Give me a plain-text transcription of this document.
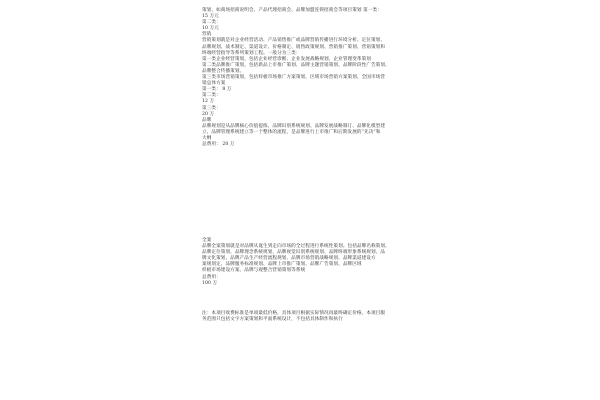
策划、如商场招商说明会、产品代理招商会、品牌加盟连锁招商会等项目策划 第一类：
15 万元
第二类：
10 万元
营销
营销策划就是对企业经营活动、产品销售推广或品牌营销传播进行环境分析、定位策划、
品牌规划、战术制定、渠道设计、价格制定、销售政策规划、营销推广策划、营销策划和
终端经营指导等系列策划工程。一般分为三类：
第一类企业经营策划，包括企业经营诊断、企业发展战略规划、企业管理变革策划
第二类品牌推广策划，包括新品上市推广策划、品牌主题营销策划、品牌阶段性广告策划、
品牌整合传播策划。
第三类市场营销策划，包括样板市场推广方案策划、区域市场营销方案策划、全国市场营
销总体方案
第一类： 8 万
第二类：
12 万
第三类：
20 万
品牌
品牌规划是从品牌核心价值提炼、品牌识别系统规划、品牌发展战略制订、品牌化模型建
立、品牌管理系统建立等一个整体的流程，是品牌进行上市推广和后期发展的“先决”和
大纲
总费用： 20 万
全案
品牌全案策划就是对品牌从诞生到走向市场的全过程进行系统性策划。包括品牌名称策划、
品牌定位策划、品牌理念系统规划、品牌视觉识别系统规划、品牌终端形象系统规划、品
牌文化策划、品牌产品生产经营流程规划、品牌市场营销战略规划、品牌渠道建设方
案规划定、品牌服务标准规划、品牌上市推广策划、品牌广告策划、品牌区域
样板市场建设方案、品牌与观整合营销策划等系统
总费用：
100 万
注：本项目收费标准是单项最低价格，具体项目根据实际情况再最终确定价格。本项目服
务范围只包括文字方案策划和平面系统设计，不包括具体制作和执行
